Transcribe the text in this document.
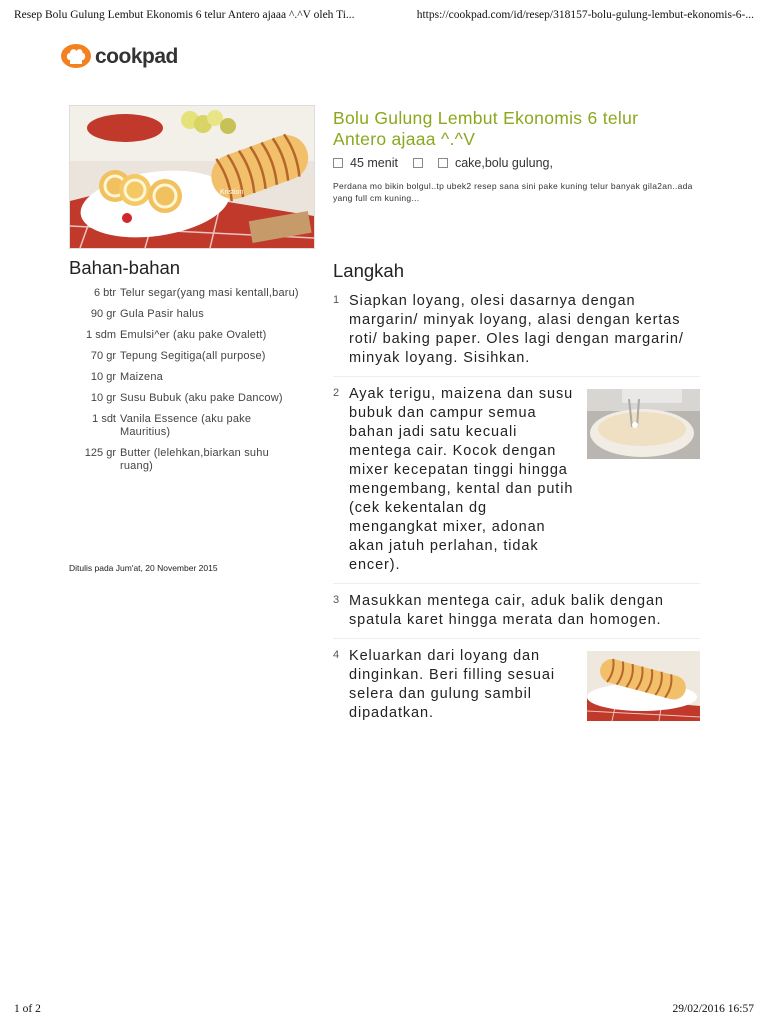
Resep Bolu Gulung Lembut Ekonomis 6 telur Antero ajaaa ^.^V oleh Ti...	https://cookpad.com/id/resep/318157-bolu-gulung-lembut-ekonomis-6-...
cookpad
Kristion
Bolu Gulung Lembut Ekonomis 6 telur Antero ajaaa ^.^V
45 menit	cake,bolu gulung,
Perdana mo bikin bolgul..tp ubek2 resep sana sini pake kuning telur banyak gila2an..ada yang full cm kuning...
Bahan-bahan
6 btr Telur segar(yang masi kentall,baru)
90 gr Gula Pasir halus
1 sdm Emulsi^er (aku pake Ovalett)
70 gr Tepung Segitiga(all purpose)
10 gr Maizena
10 gr Susu Bubuk (aku pake Dancow)
1 sdt Vanila Essence (aku pake Mauritius)
125 gr Butter (lelehkan,biarkan suhu ruang)
Ditulis pada Jum'at, 20 November 2015
Langkah
1 Siapkan loyang, olesi dasarnya dengan margarin/ minyak loyang, alasi dengan kertas roti/ baking paper. Oles lagi dengan margarin/ minyak loyang. Sisihkan.
2 Ayak terigu, maizena dan susu bubuk dan campur semua bahan jadi satu kecuali mentega cair. Kocok dengan mixer kecepatan tinggi hingga mengembang, kental dan putih (cek kekentalan dg mengangkat mixer, adonan akan jatuh perlahan, tidak encer).
3 Masukkan mentega cair, aduk balik dengan spatula karet hingga merata dan homogen.
4 Keluarkan dari loyang dan dinginkan. Beri filling sesuai selera dan gulung sambil dipadatkan.
1 of 2	29/02/2016 16:57
